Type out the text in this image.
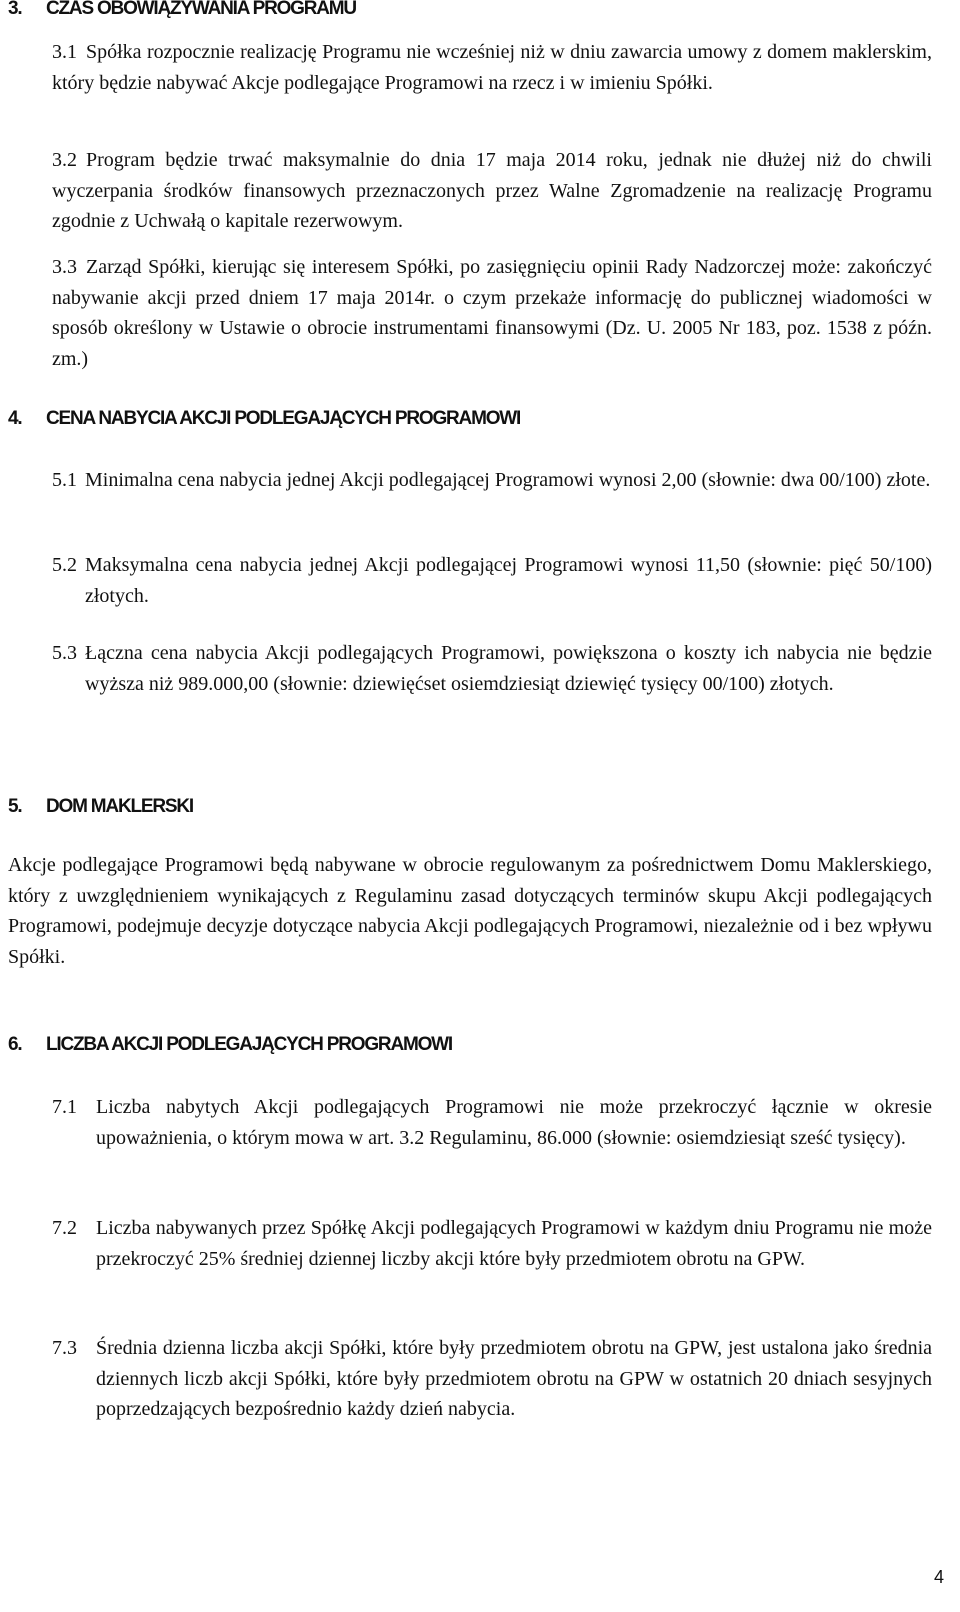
3. CZAS OBOWIĄZYWANIA PROGRAMU
3.1 Spółka rozpocznie realizację Programu nie wcześniej niż w dniu zawarcia umowy z domem maklerskim, który będzie nabywać Akcje podlegające Programowi na rzecz i w imieniu Spółki.
3.2 Program będzie trwać maksymalnie do dnia 17 maja 2014 roku, jednak nie dłużej niż do chwili wyczerpania środków finansowych przeznaczonych przez Walne Zgromadzenie na realizację Programu zgodnie z Uchwałą o kapitale rezerwowym.
3.3 Zarząd Spółki, kierując się interesem Spółki, po zasięgnięciu opinii Rady Nadzorczej może: zakończyć nabywanie akcji przed dniem 17 maja 2014r. o czym przekaże informację do publicznej wiadomości w sposób określony w Ustawie o obrocie instrumentami finansowymi (Dz. U. 2005 Nr 183, poz. 1538 z późn. zm.)
4. CENA NABYCIA AKCJI PODLEGAJĄCYCH PROGRAMOWI
5.1 Minimalna cena nabycia jednej Akcji podlegającej Programowi wynosi 2,00 (słownie: dwa 00/100) złote.
5.2 Maksymalna cena nabycia jednej Akcji podlegającej Programowi wynosi 11,50 (słownie: pięć 50/100) złotych.
5.3 Łączna cena nabycia Akcji podlegających Programowi, powiększona o koszty ich nabycia nie będzie wyższa niż 989.000,00 (słownie: dziewięćset osiemdziesiąt dziewięć tysięcy 00/100) złotych.
5. DOM MAKLERSKI

Akcje podlegające Programowi będą nabywane w obrocie regulowanym za pośrednictwem Domu Maklerskiego, który z uwzględnieniem wynikających z Regulaminu zasad dotyczących terminów skupu Akcji podlegających Programowi, podejmuje decyzje dotyczące nabycia Akcji podlegających Programowi, niezależnie od i bez wpływu Spółki.

6. LICZBA AKCJI PODLEGAJĄCYCH PROGRAMOWI
7.1 Liczba nabytych Akcji podlegających Programowi nie może przekroczyć łącznie w okresie upoważnienia, o którym mowa w art. 3.2 Regulaminu, 86.000 (słownie: osiemdziesiąt sześć tysięcy).
7.2 Liczba nabywanych przez Spółkę Akcji podlegających Programowi w każdym dniu Programu nie może przekroczyć 25% średniej dziennej liczby akcji które były przedmiotem obrotu na GPW.
7.3 Średnia dzienna liczba akcji Spółki, które były przedmiotem obrotu na GPW, jest ustalona jako średnia dziennych liczb akcji Spółki, które były przedmiotem obrotu na GPW w ostatnich 20 dniach sesyjnych poprzedzających bezpośrednio każdy dzień nabycia.

4
